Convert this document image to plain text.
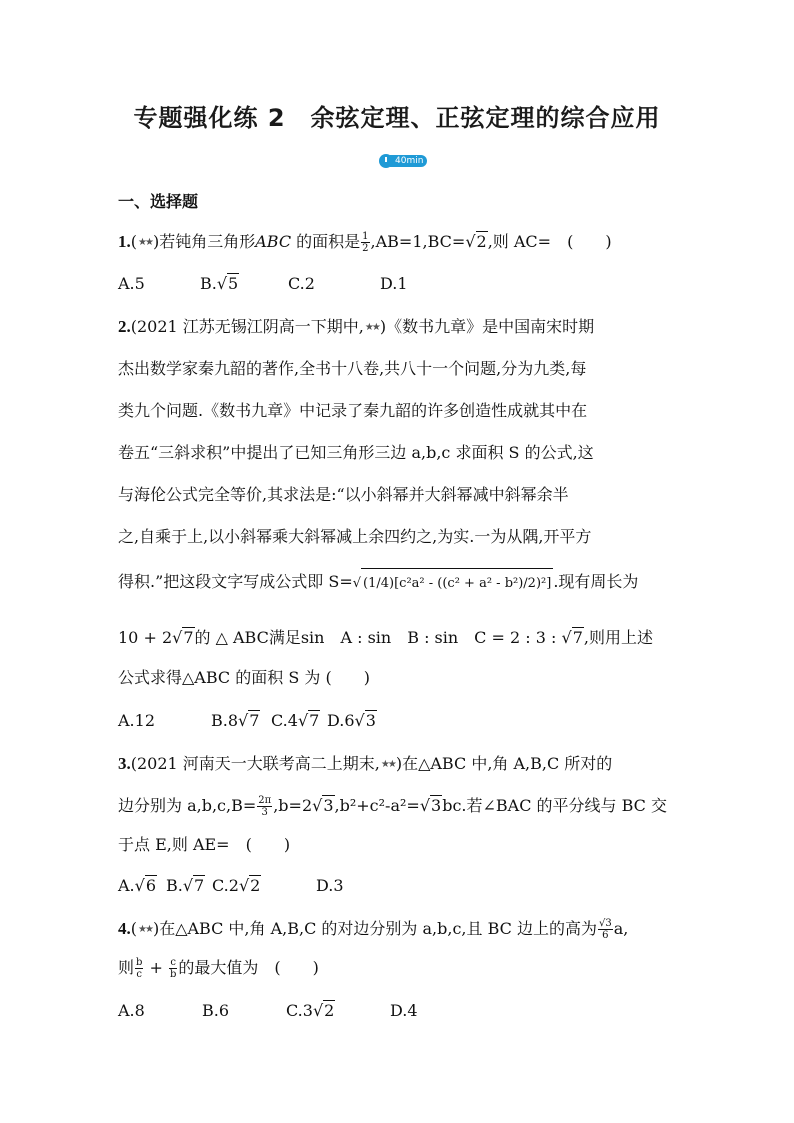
专题强化练 2　余弦定理、正弦定理的综合应用
40min
一、选择题
1.(★★)若钝角三角形ABC 的面积是 $\frac{1}{2} ,AB=1,BC=√2$,则 AC=　(　　)
A.5	B.√5	C.2	D.1
2.(2021 江苏无锡江阴高一下期中,★★)《数书九章》是中国南宋时期
杰出数学家秦九韶的著作,全书十八卷,共八十一个问题,分为九类,每
类九个问题.《数书九章》中记录了秦九韶的许多创造性成就其中在
卷五“三斜求积”中提出了已知三角形三边 a,b,c 求面积 S 的公式,这
与海伦公式完全等价,其求法是:“以小斜幂并大斜幂减中斜幂余半
之,自乘于上,以小斜幂乘大斜幂减上余四约之,为实.一为从隅,开平方
得积.”把这段文字写成公式即 S=√ (1/4)[c²a² - ((c² + a² - b²)/2)²] .现有周长为
10 + 2√7的 △ ABC满足sin　A : sin　B : sin　C = 2 : 3 : √7,则用上述
公式求得△ABC 的面积 S 为 (　　)
A.12	B.8√7 C.4√7 D.6√3
3.(2021 河南天一大联考高二上期末,★★)在△ABC 中,角 A,B,C 所对的
边分别为 $a,b,c,B= \frac{2\pi}{3} ,b=2√3,b^2+c^2-a^2=√3bc$.若∠BAC 的平分线与 BC 交
于点 E,则 AE=　(　　)
A.√6 B.√7 C.2√2	D.3
4.(★★)在△ABC 中,角 A,B,C 的对边分别为 a,b,c,且 BC 边上的高为 $\frac{√3}{6} a$,
则 $\frac{b}{c} + \frac{c}{b}$ 的最大值为　(　　)
A.8	B.6	C.3√2	D.4
